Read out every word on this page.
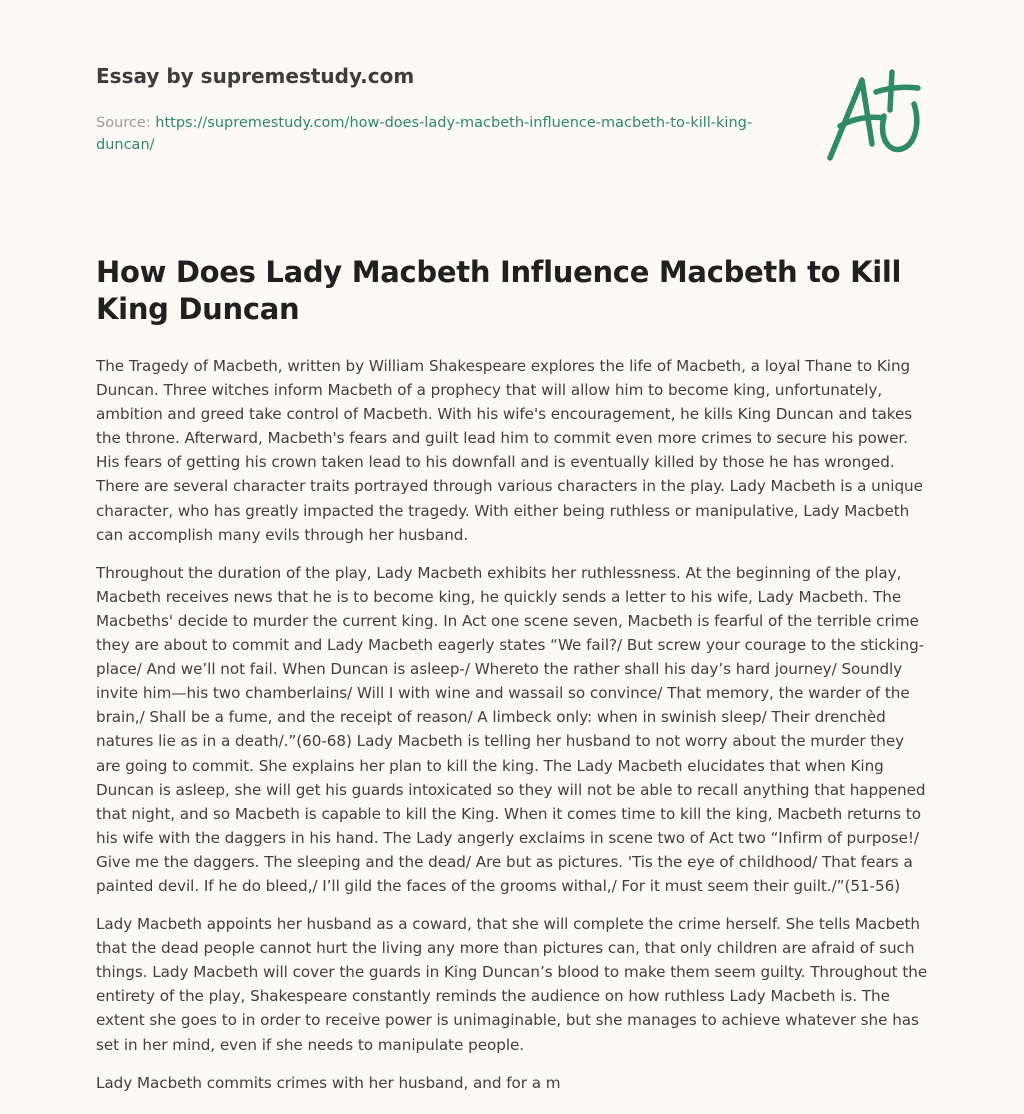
Essay by supremestudy.com
Source: https://supremestudy.com/how-does-lady-macbeth-influence-macbeth-to-kill-king-duncan/
How Does Lady Macbeth Influence Macbeth to Kill King Duncan

The Tragedy of Macbeth, written by William Shakespeare explores the life of Macbeth, a loyal Thane to King Duncan. Three witches inform Macbeth of a prophecy that will allow him to become king, unfortunately, ambition and greed take control of Macbeth. With his wife's encouragement, he kills King Duncan and takes the throne. Afterward, Macbeth's fears and guilt lead him to commit even more crimes to secure his power. His fears of getting his crown taken lead to his downfall and is eventually killed by those he has wronged. There are several character traits portrayed through various characters in the play. Lady Macbeth is a unique character, who has greatly impacted the tragedy. With either being ruthless or manipulative, Lady Macbeth can accomplish many evils through her husband.

Throughout the duration of the play, Lady Macbeth exhibits her ruthlessness. At the beginning of the play, Macbeth receives news that he is to become king, he quickly sends a letter to his wife, Lady Macbeth. The Macbeths' decide to murder the current king. In Act one scene seven, Macbeth is fearful of the terrible crime they are about to commit and Lady Macbeth eagerly states “We fail?/ But screw your courage to the sticking-place/ And we’ll not fail. When Duncan is asleep-/ Whereto the rather shall his day’s hard journey/ Soundly invite him—his two chamberlains/ Will I with wine and wassail so convince/ That memory, the warder of the brain,/ Shall be a fume, and the receipt of reason/ A limbeck only: when in swinish sleep/ Their drenchèd natures lie as in a death/.”(60-68) Lady Macbeth is telling her husband to not worry about the murder they are going to commit. She explains her plan to kill the king. The Lady Macbeth elucidates that when King Duncan is asleep, she will get his guards intoxicated so they will not be able to recall anything that happened that night, and so Macbeth is capable to kill the King. When it comes time to kill the king, Macbeth returns to his wife with the daggers in his hand. The Lady angerly exclaims in scene two of Act two “Infirm of purpose!/ Give me the daggers. The sleeping and the dead/ Are but as pictures. 'Tis the eye of childhood/ That fears a painted devil. If he do bleed,/ I’ll gild the faces of the grooms withal,/ For it must seem their guilt./”(51-56)

Lady Macbeth appoints her husband as a coward, that she will complete the crime herself. She tells Macbeth that the dead people cannot hurt the living any more than pictures can, that only children are afraid of such things. Lady Macbeth will cover the guards in King Duncan’s blood to make them seem guilty. Throughout the entirety of the play, Shakespeare constantly reminds the audience on how ruthless Lady Macbeth is. The extent she goes to in order to receive power is unimaginable, but she manages to achieve whatever she has set in her mind, even if she needs to manipulate people.

Lady Macbeth commits crimes with her husband, and for a m
